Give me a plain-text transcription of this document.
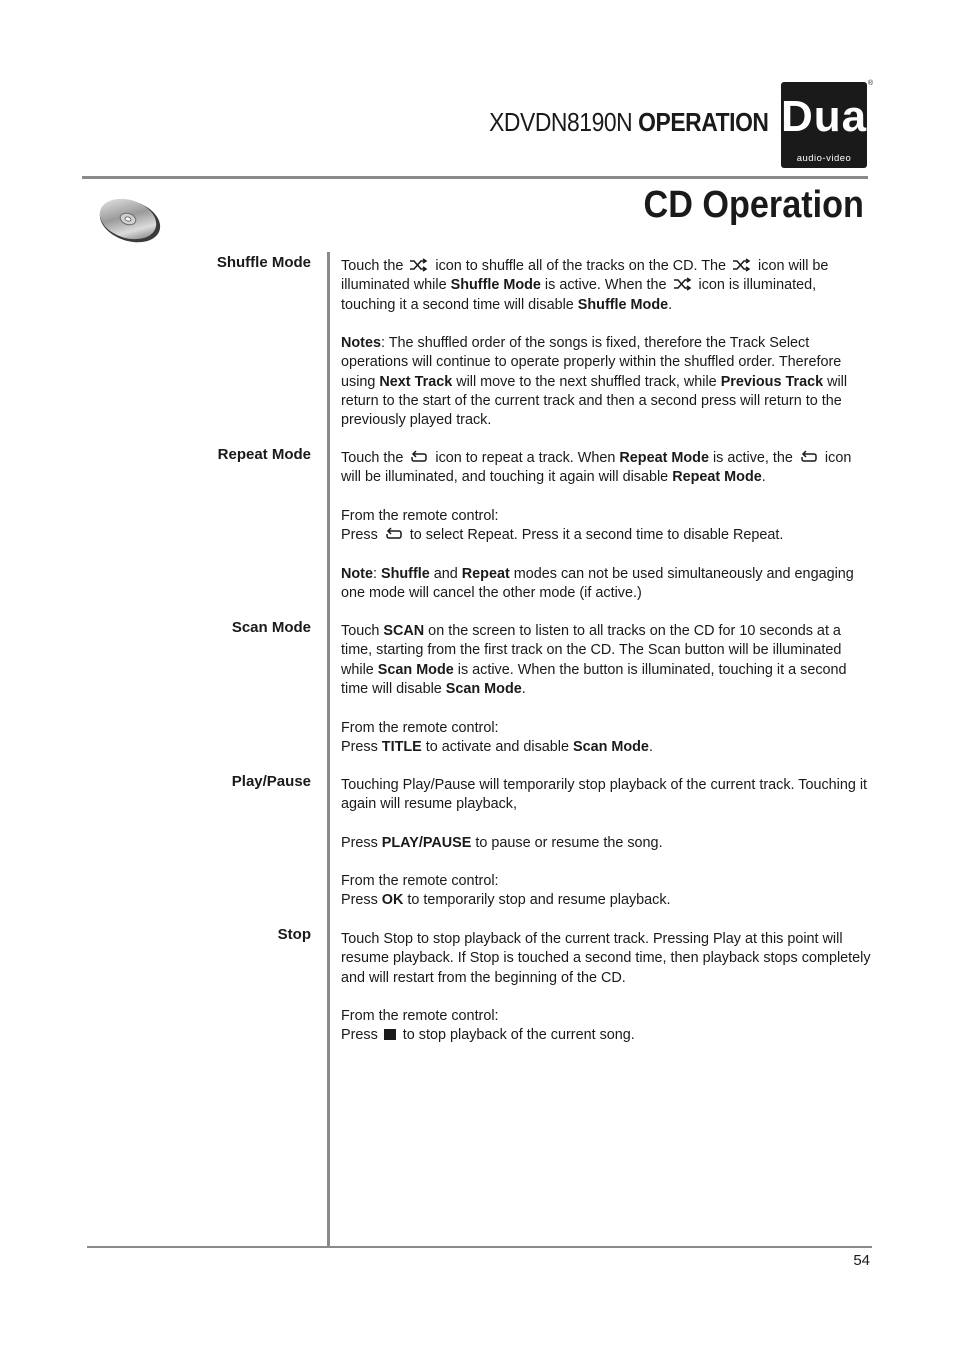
XDVDN8190N OPERATION
®
Dual
audio-video
CD Operation
Shuffle Mode
Repeat Mode
Scan Mode
Play/Pause
Stop
Touch the
icon to shuffle all of the tracks on the CD. The
icon will be illuminated while Shuffle Mode is active. When the
icon is illuminated, touching it a second time will disable Shuffle Mode.
Notes: The shuffled order of the songs is fixed, therefore the Track Select operations will continue to operate properly within the shuffled order. Therefore using Next Track will move to the next shuffled track, while Previous Track will return to the start of the current track and then a second press will return to the previously played track.
Touch the
icon to repeat a track. When Repeat Mode is active, the
icon will be illuminated, and touching it again will disable Repeat Mode.
From the remote control:
Press
to select Repeat. Press it a second time to disable Repeat.
Note: Shuffle and Repeat modes can not be used simultaneously and engaging one mode will cancel the other mode (if active.)
Touch SCAN on the screen to listen to all tracks on the CD for 10 seconds at a time, starting from the first track on the CD. The Scan button will be illuminated while Scan Mode is active. When the button is illuminated, touching it a second time will disable Scan Mode.
From the remote control:
Press TITLE to activate and disable Scan Mode.
Touching Play/Pause will temporarily stop playback of the current track. Touching it again will resume playback,
Press PLAY/PAUSE to pause or resume the song.
From the remote control:
Press OK to temporarily stop and resume playback.
Touch Stop to stop playback of the current track. Pressing Play at this point will resume playback. If Stop is touched a second time, then playback stops completely and will restart from the beginning of the CD.
From the remote control:
Press  to stop playback of the current song.
54
